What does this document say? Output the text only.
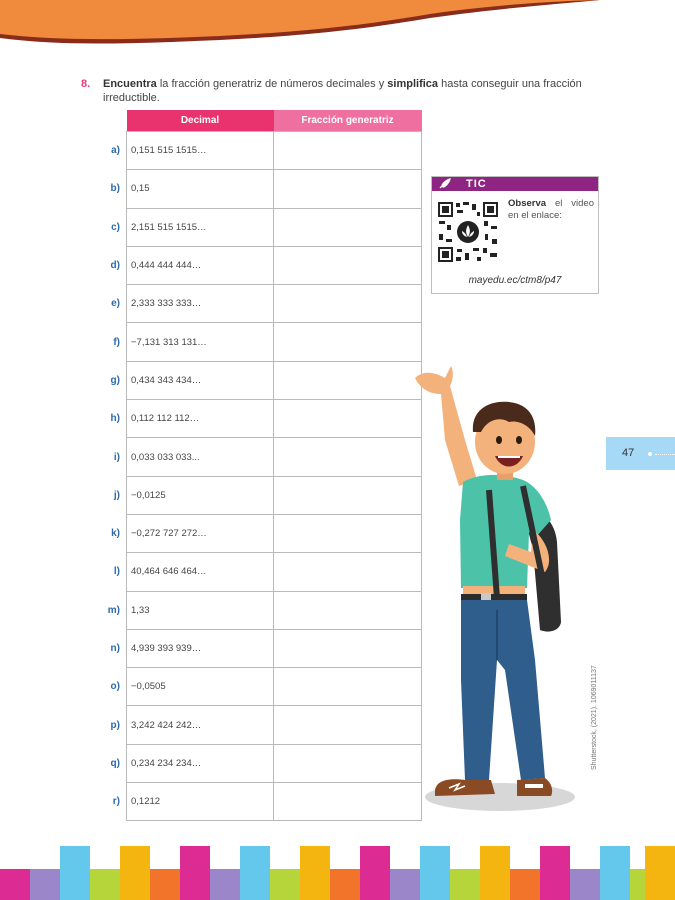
8. Encuentra la fracción generatriz de números decimales y simplifica hasta conseguir una fracción irreductible.
	Decimal	Fracción generatriz
a)	0,151 515 1515…	
b)	0,15	
c)	2,151 515 1515…	
d)	0,444 444 444…	
e)	2,333 333 333…	
f)	−7,131 313 131…	
g)	0,434 343 434…	
h)	0,112 112 112…	
i)	0,033 033 033...	
j)	−0,0125	
k)	−0,272 727 272…	
l)	40,464 646 464…	
m)	1,33	
n)	4,939 393 939…	
o)	−0,0505	
p)	3,242 424 242…	
q)	0,234 234 234…	
r)	0,1212	
TIC
Observa el video en el enlace:
mayedu.ec/ctm8/p47
47
Shutterstock, (2021). 1069011137
